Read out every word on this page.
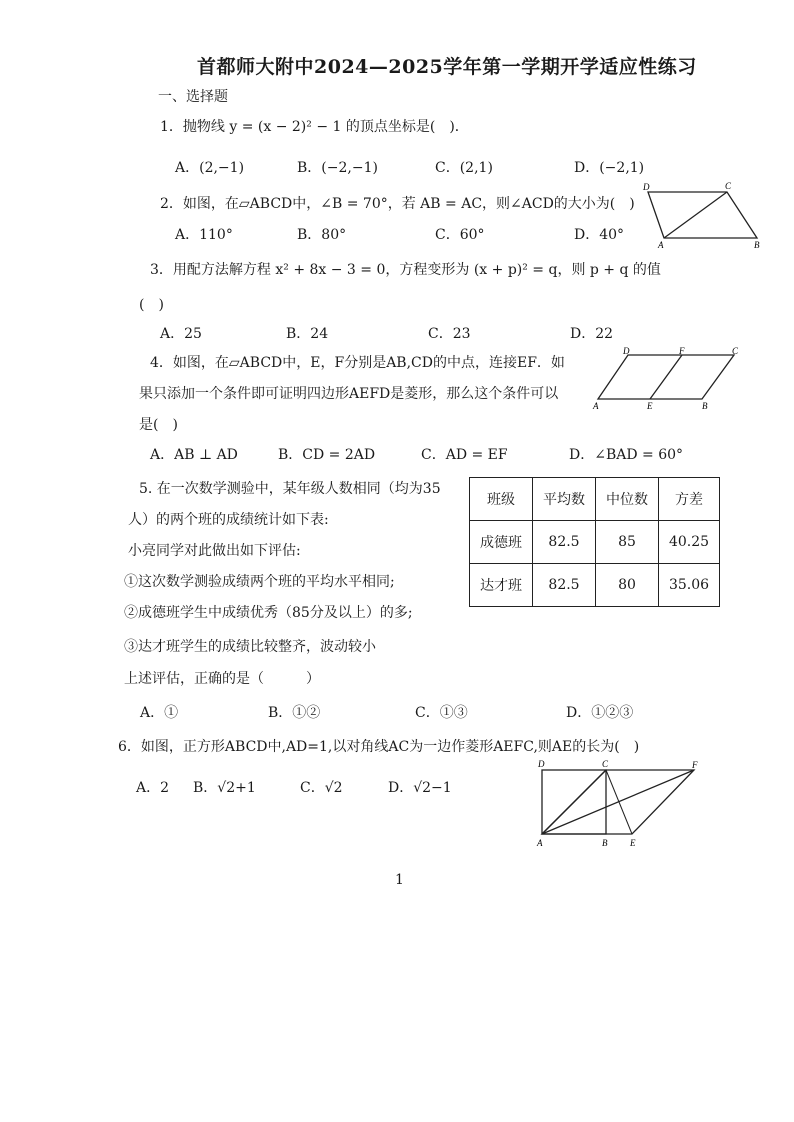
首都师大附中2024—2025学年第一学期开学适应性练习
一、选择题
1．抛物线 y = (x − 2)² − 1 的顶点坐标是(　)．
A．(2,−1)	B．(−2,−1)	C．(2,1)	D．(−2,1)
2．如图，在▱ABCD中，∠B = 70°，若 AB = AC，则∠ACD的大小为(　)
A．110°	B．80°	C．60°	D．40°
D	C
A	B
3．用配方法解方程 x² + 8x − 3 = 0，方程变形为 (x + p)² = q，则 p + q 的值
(　)
A．25	B．24	C．23	D．22
4．如图，在▱ABCD中，E，F分别是AB,CD的中点，连接EF．如
果只添加一个条件即可证明四边形AEFD是菱形，那么这个条件可以
是(　)
A．AB ⊥ AD	B．CD = 2AD	C．AD = EF	D．∠BAD = 60°
D	F	C
A	E	B
5. 在一次数学测验中，某年级人数相同（均为35
人）的两个班的成绩统计如下表:
小亮同学对此做出如下评估:
①这次数学测验成绩两个班的平均水平相同;
②成德班学生中成绩优秀（85分及以上）的多;
③达才班学生的成绩比较整齐，波动较小
上述评估，正确的是（　　　）
A．①	B．①②	C．①③	D．①②③
班级	平均数	中位数	方差
成德班	82.5	85	40.25
达才班	82.5	80	35.06
6．如图，正方形ABCD中,AD=1,以对角线AC为一边作菱形AEFC,则AE的长为(　)
A．2 B．√2+1	C．√2	D．√2−1
D	C	F
A	B	E
1
